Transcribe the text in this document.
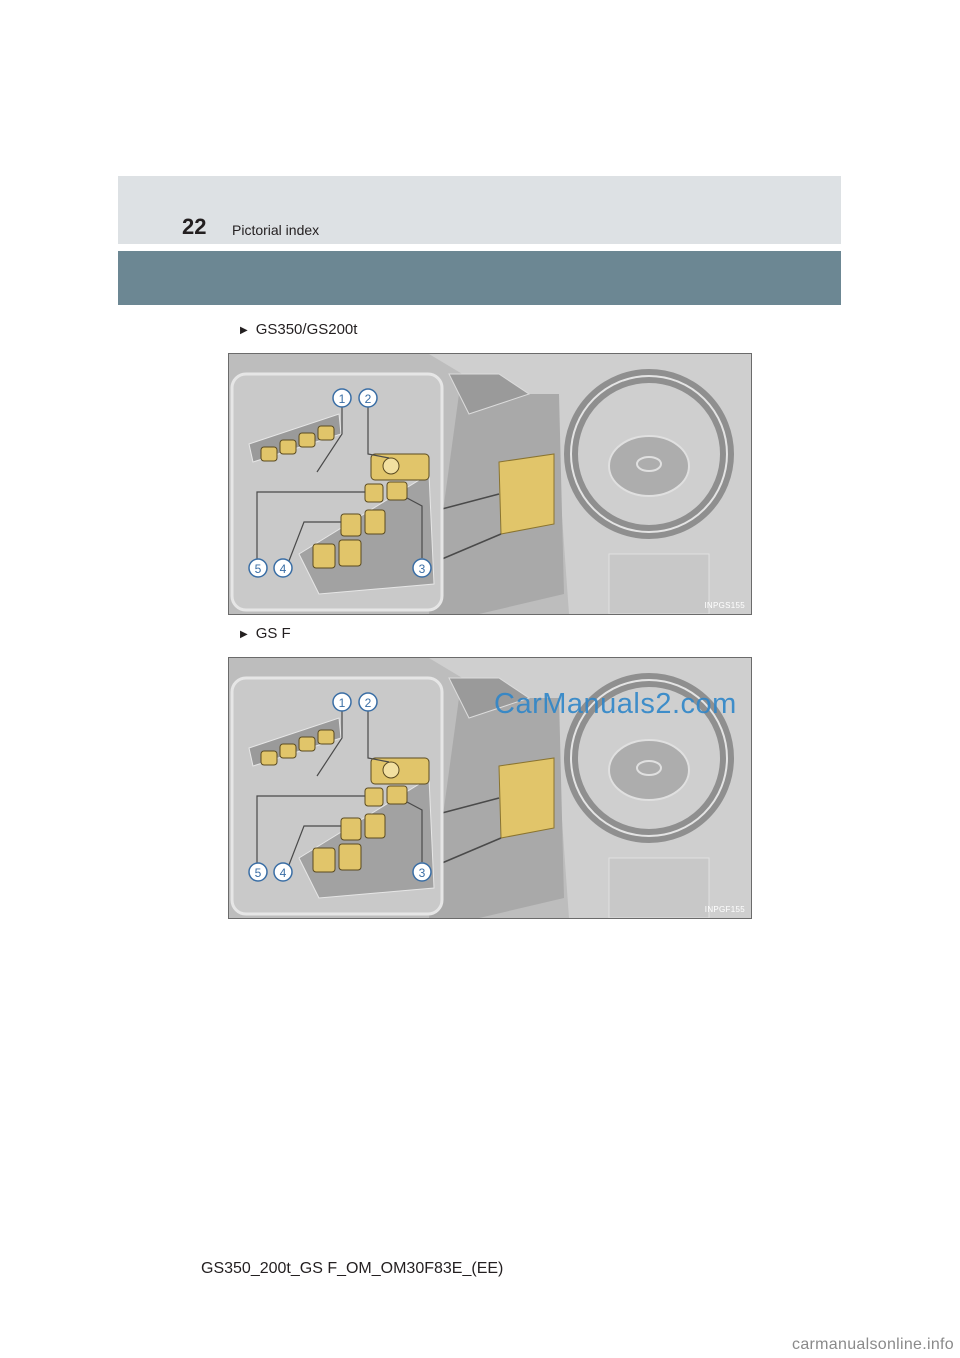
22 Pictorial index
▶ GS350/GS200t
1 2
3
4
5
INPGS155
▶ GS F
1 2
3
4
5
INPGF155
CarManuals2.com
GS350_200t_GS F_OM_OM30F83E_(EE)
carmanualsonline.info
